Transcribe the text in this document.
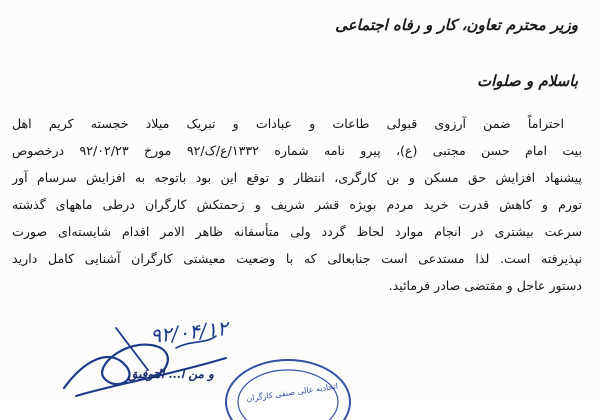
وزیر محترم تعاون، کار و رفاه اجتماعی
باسلام و صلوات
احتراماً ضمن آرزوی قبولی طاعات و عبادات و تبریک میلاد خجسته کریم اهل
بیت امام حسن مجتبی (ع)، پیرو نامه شماره ۱۳۳۲/ع/ک/۹۲ مورخ ۹۲/۰۲/۲۳ درخصوص
پیشنهاد افزایش حق مسکن و بن کارگری، انتظار و توقع این بود باتوجه به افزایش سرسام آور
تورم و کاهش قدرت خرید مردم بویژه قشر شریف و زحمتکش کارگران درطی ماههای گذشته
سرعت بیشتری در انجام موارد لحاظ گردد ولی متأسفانه ظاهر الامر اقدام شایسته‌ای صورت
نپذیرفته است. لذا مستدعی است جنابعالی که با وضعیت معیشتی کارگران آشنایی کامل دارید
دستور عاجل و مقتضی صادر فرمائید.
۹۲/۰۴/۱۲
و من ا... التوفیق
اتحادیه عالی صنفی کارگران
